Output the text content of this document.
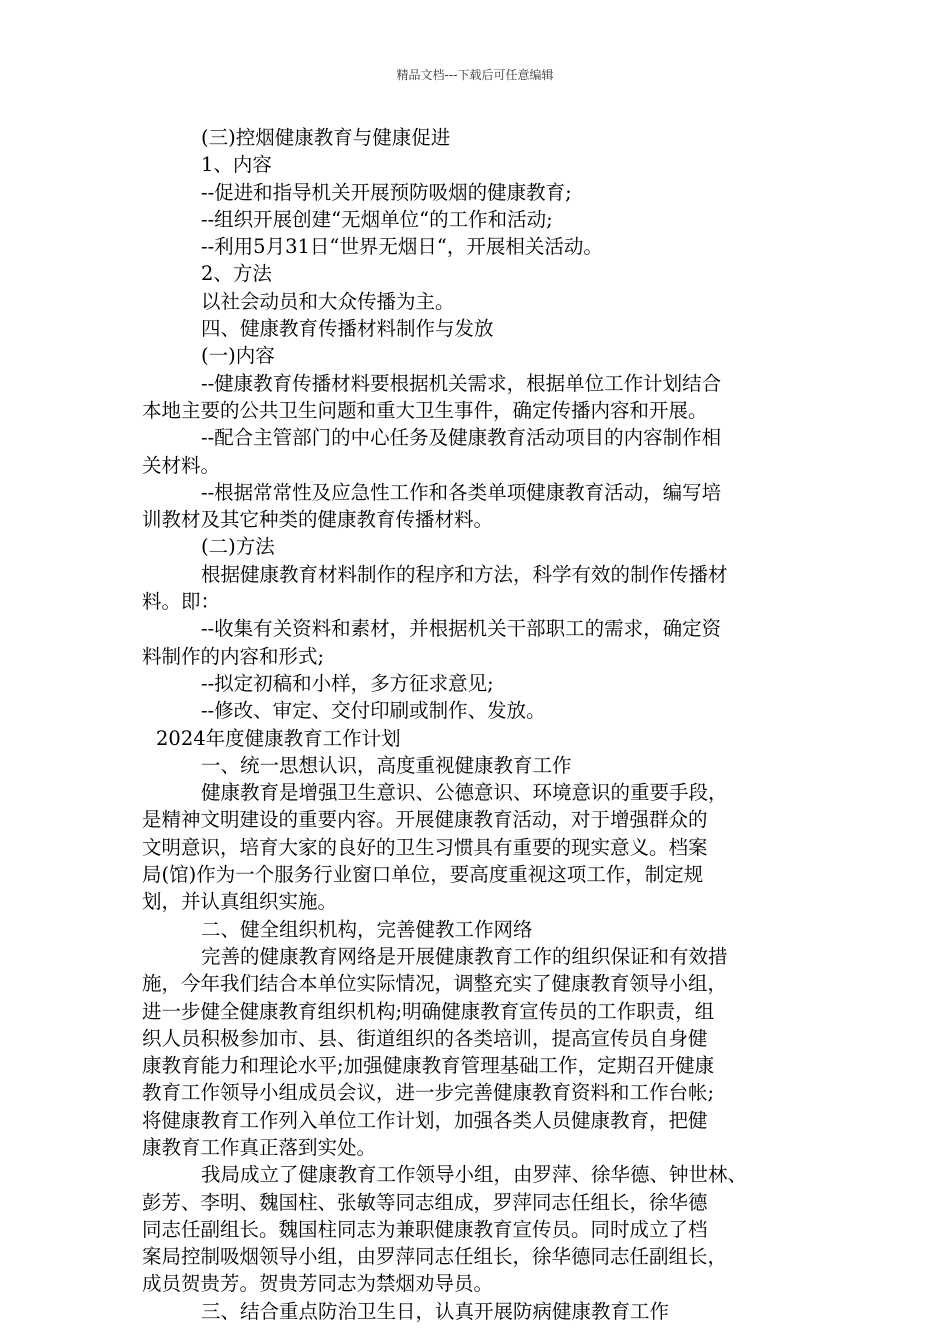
精品文档---下载后可任意编辑

(三)控烟健康教育与健康促进

1、内容

--促进和指导机关开展预防吸烟的健康教育;

--组织开展创建“无烟单位“的工作和活动;

--利用5月31日“世界无烟日“，开展相关活动。

2、方法

以社会动员和大众传播为主。

四、健康教育传播材料制作与发放

(一)内容

--健康教育传播材料要根据机关需求，根据单位工作计划结合

本地主要的公共卫生问题和重大卫生事件，确定传播内容和开展。

--配合主管部门的中心任务及健康教育活动项目的内容制作相

关材料。

--根据常常性及应急性工作和各类单项健康教育活动，编写培

训教材及其它种类的健康教育传播材料。

(二)方法

根据健康教育材料制作的程序和方法，科学有效的制作传播材

料。即：

--收集有关资料和素材，并根据机关干部职工的需求，确定资

料制作的内容和形式;

--拟定初稿和小样，多方征求意见;

--修改、审定、交付印刷或制作、发放。

2024年度健康教育工作计划

一、统一思想认识，高度重视健康教育工作

健康教育是增强卫生意识、公德意识、环境意识的重要手段，

是精神文明建设的重要内容。开展健康教育活动，对于增强群众的

文明意识，培育大家的良好的卫生习惯具有重要的现实意义。档案

局(馆)作为一个服务行业窗口单位，要高度重视这项工作，制定规

划，并认真组织实施。

二、健全组织机构，完善健教工作网络

完善的健康教育网络是开展健康教育工作的组织保证和有效措

施，今年我们结合本单位实际情况，调整充实了健康教育领导小组，

进一步健全健康教育组织机构;明确健康教育宣传员的工作职责，组

织人员积极参加市、县、街道组织的各类培训，提高宣传员自身健

康教育能力和理论水平;加强健康教育管理基础工作，定期召开健康

教育工作领导小组成员会议，进一步完善健康教育资料和工作台帐;

将健康教育工作列入单位工作计划，加强各类人员健康教育，把健

康教育工作真正落到实处。

我局成立了健康教育工作领导小组，由罗萍、徐华德、钟世林、

彭芳、李明、魏国柱、张敏等同志组成，罗萍同志任组长，徐华德

同志任副组长。魏国柱同志为兼职健康教育宣传员。同时成立了档

案局控制吸烟领导小组，由罗萍同志任组长，徐华德同志任副组长，

成员贺贵芳。贺贵芳同志为禁烟劝导员。

三、结合重点防治卫生日，认真开展防病健康教育工作
